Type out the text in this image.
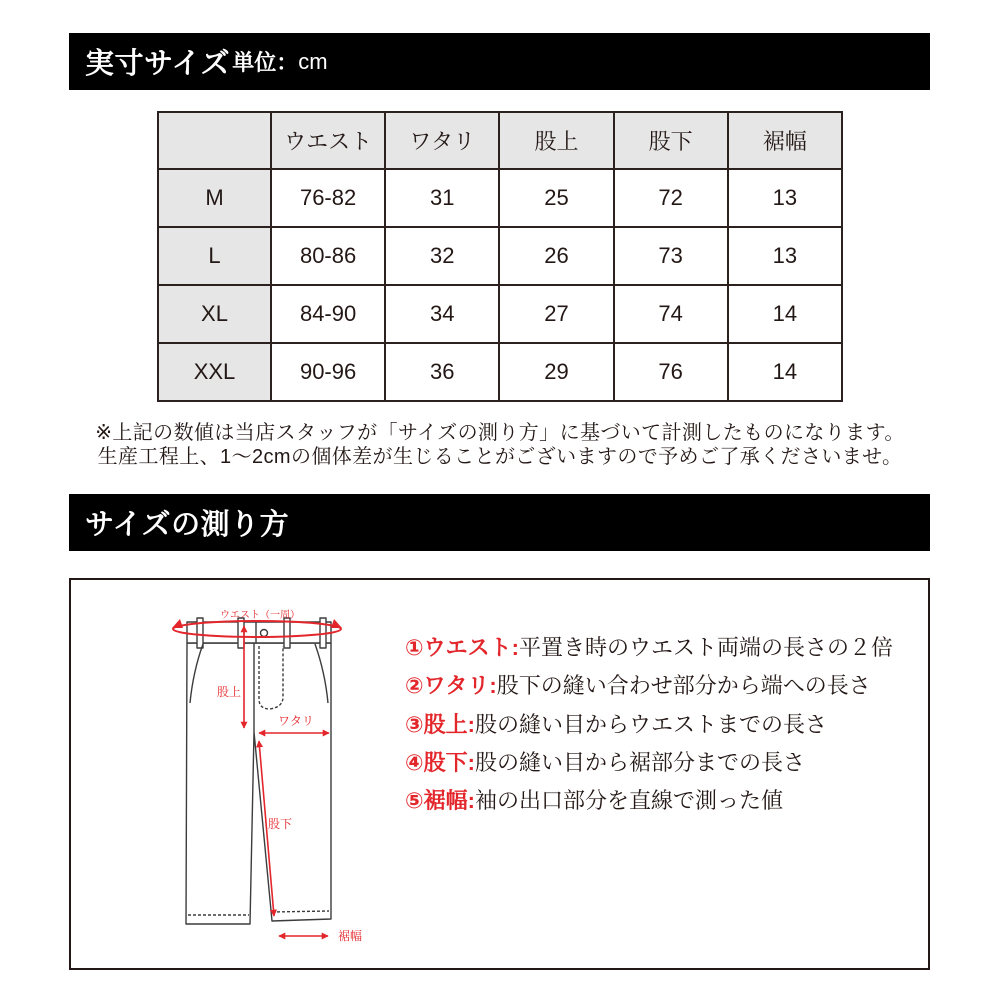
実寸サイズ 単位： cm
	ウエスト	ワタリ	股上	股下	裾幅
M	76-82	31	25	72	13
L	80-86	32	26	73	13
XL	84-90	34	27	74	14
XXL	90-96	36	29	76	14
※上記の数値は当店スタッフが「サイズの測り方」に基づいて計測したものになります。
生産工程上、1〜2cmの個体差が生じることがございますので予めご了承くださいませ。
サイズの測り方
ウエスト（一周）
股上
ワタリ
股下
裾幅
①ウエスト:平置き時のウエスト両端の長さの２倍
②ワタリ:股下の縫い合わせ部分から端への長さ
③股上:股の縫い目からウエストまでの長さ
④股下:股の縫い目から裾部分までの長さ
⑤裾幅:袖の出口部分を直線で測った値
